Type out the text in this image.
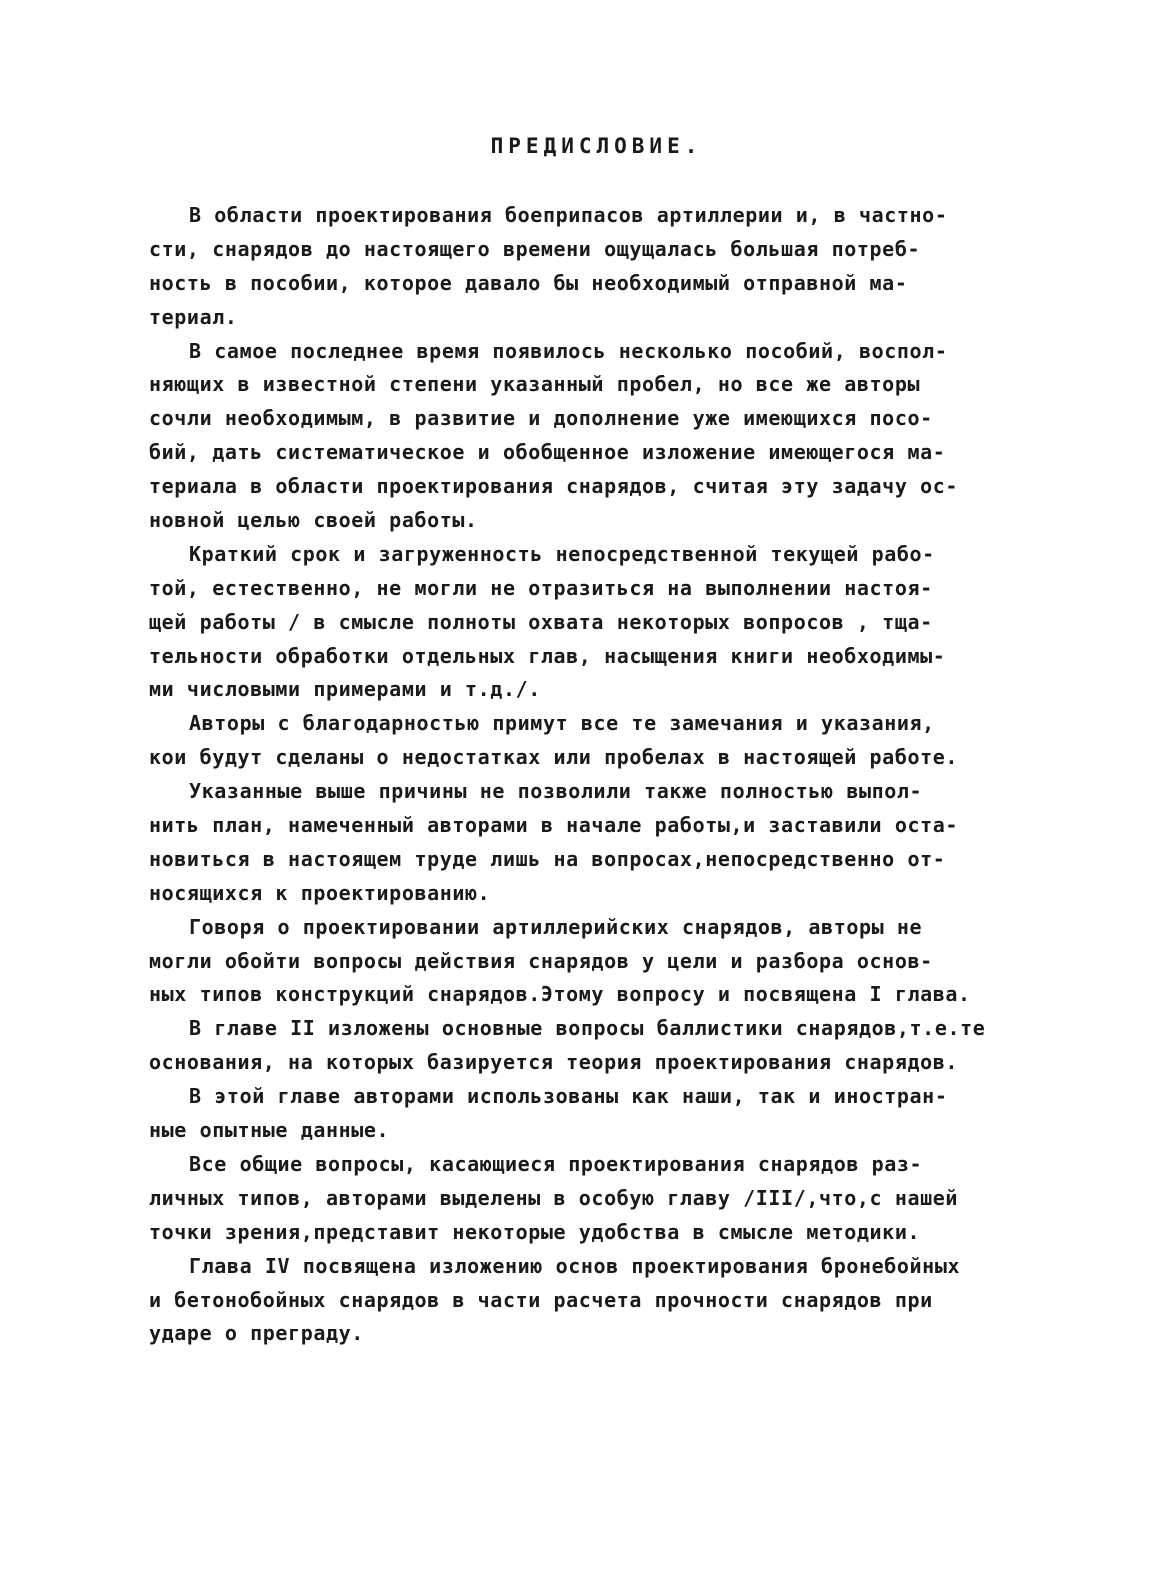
ПРЕДИСЛОВИЕ.
В области проектирования боеприпасов артиллерии и, в частно-
сти, снарядов до настоящего времени ощущалась большая потреб-
ность в пособии, которое давало бы необходимый отправной ма-
териал.
В самое последнее время появилось несколько пособий, воспол-
няющих в известной степени указанный пробел, но все же авторы
сочли необходимым, в развитие и дополнение уже имеющихся посо-
бий, дать систематическое и обобщенное изложение имеющегося ма-
териала в области проектирования снарядов, считая эту задачу ос-
новной целью своей работы.
Краткий срок и загруженность непосредственной текущей рабо-
той, естественно, не могли не отразиться на выполнении настоя-
щей работы / в смысле полноты охвата некоторых вопросов , тща-
тельности обработки отдельных глав, насыщения книги необходимы-
ми числовыми примерами и т.д./.
Авторы с благодарностью примут все те замечания и указания,
кои будут сделаны о недостатках или пробелах в настоящей работе.
Указанные выше причины не позволили также полностью выпол-
нить план, намеченный авторами в начале работы,и заставили оста-
новиться в настоящем труде лишь на вопросах,непосредственно от-
носящихся к проектированию.
Говоря о проектировании артиллерийских снарядов, авторы не
могли обойти вопросы действия снарядов у цели и разбора основ-
ных типов конструкций снарядов.Этому вопросу и посвящена I глава.
В главе II изложены основные вопросы баллистики снарядов,т.е.те
основания, на которых базируется теория проектирования снарядов.
В этой главе авторами использованы как наши, так и иностран-
ные опытные данные.
Все общие вопросы, касающиеся проектирования снарядов раз-
личных типов, авторами выделены в особую главу /III/,что,с нашей
точки зрения,представит некоторые удобства в смысле методики.
Глава IV посвящена изложению основ проектирования бронебойных
и бетонобойных снарядов в части расчета прочности снарядов при
ударе о преграду.
